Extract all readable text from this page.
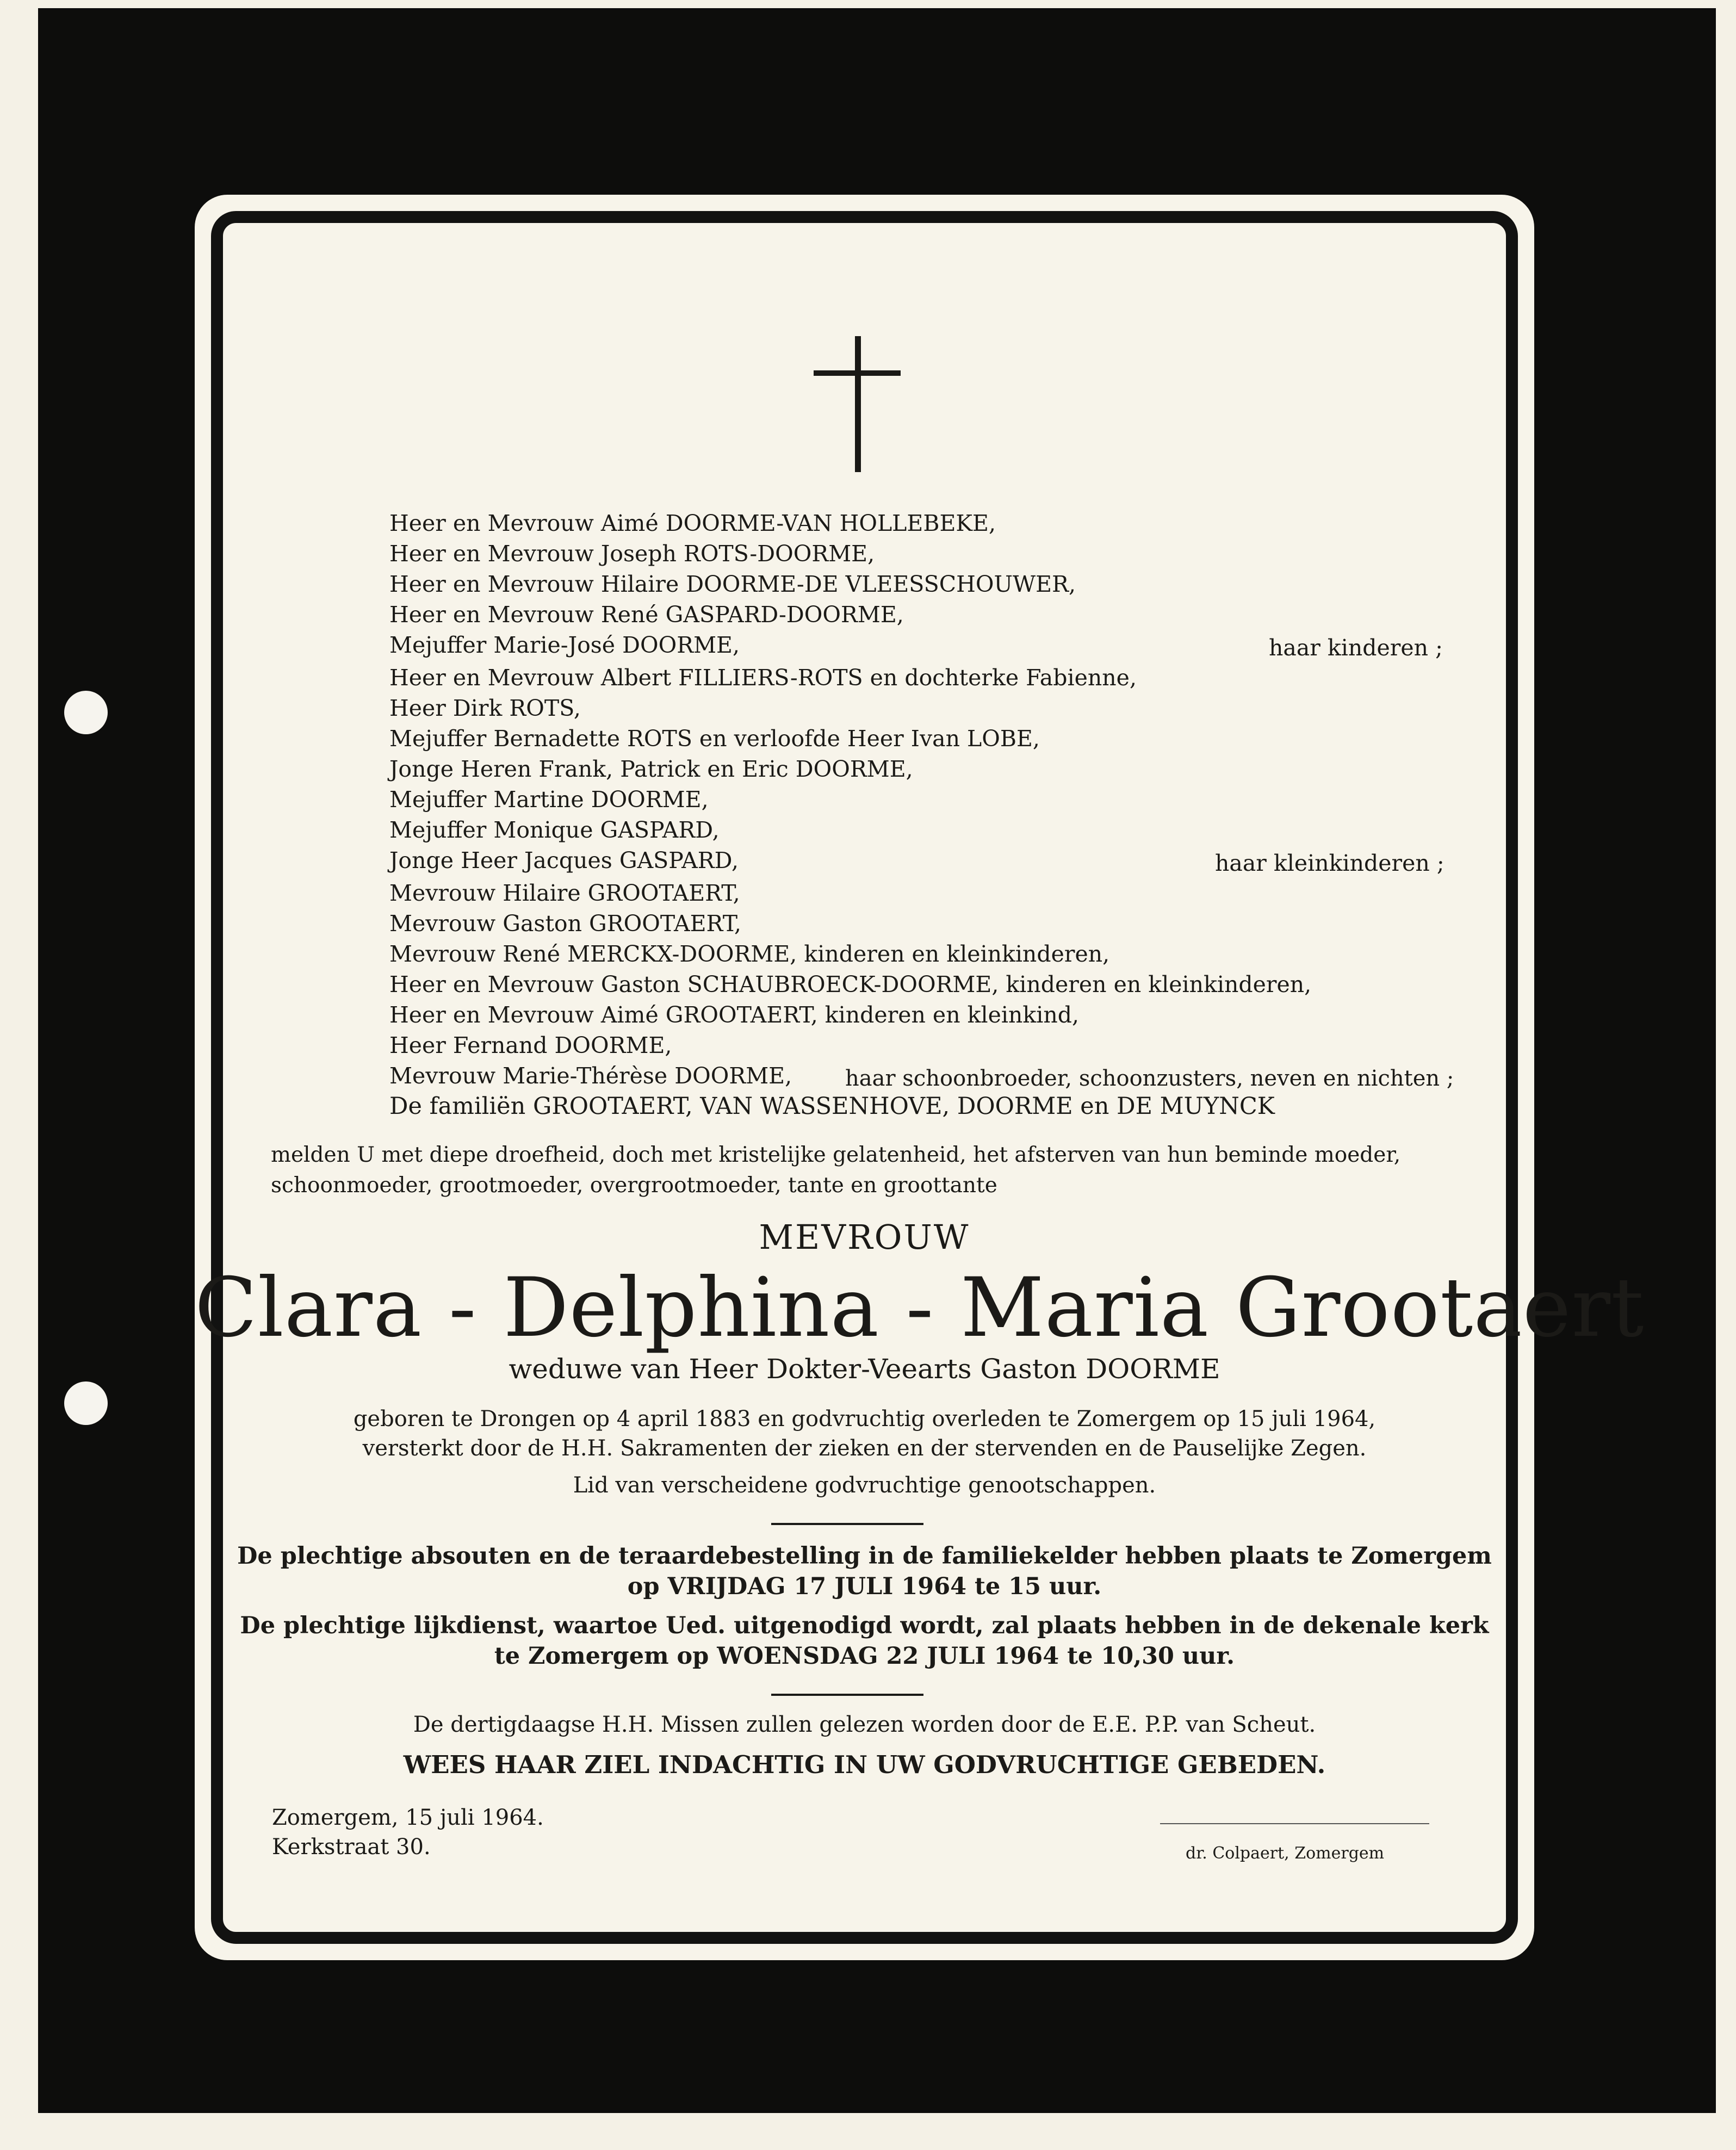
Heer en Mevrouw Aimé DOORME-VAN HOLLEBEKE,
Heer en Mevrouw Joseph ROTS-DOORME,
Heer en Mevrouw Hilaire DOORME-DE VLEESSCHOUWER,
Heer en Mevrouw René GASPARD-DOORME,
Mejuffer Marie-José DOORME,	haar kinderen ;
Heer en Mevrouw Albert FILLIERS-ROTS en dochterke Fabienne,
Heer Dirk ROTS,
Mejuffer Bernadette ROTS en verloofde Heer Ivan LOBE,
Jonge Heren Frank, Patrick en Eric DOORME,
Mejuffer Martine DOORME,
Mejuffer Monique GASPARD,
Jonge Heer Jacques GASPARD,	haar kleinkinderen ;
Mevrouw Hilaire GROOTAERT,
Mevrouw Gaston GROOTAERT,
Mevrouw René MERCKX-DOORME, kinderen en kleinkinderen,
Heer en Mevrouw Gaston SCHAUBROECK-DOORME, kinderen en kleinkinderen,
Heer en Mevrouw Aimé GROOTAERT, kinderen en kleinkind,
Heer Fernand DOORME,
Mevrouw Marie-Thérèse DOORME, haar schoonbroeder, schoonzusters, neven en nichten ;
De familiën GROOTAERT, VAN WASSENHOVE, DOORME en DE MUYNCK
melden U met diepe droefheid, doch met kristelijke gelatenheid, het afsterven van hun beminde moeder,
schoonmoeder, grootmoeder, overgrootmoeder, tante en groottante
MEVROUW
Clara - Delphina - Maria Grootaert
weduwe van Heer Dokter-Veearts Gaston DOORME
geboren te Drongen op 4 april 1883 en godvruchtig overleden te Zomergem op 15 juli 1964,
versterkt door de H.H. Sakramenten der zieken en der stervenden en de Pauselijke Zegen.
Lid van verscheidene godvruchtige genootschappen.
De plechtige absouten en de teraardebestelling in de familiekelder hebben plaats te Zomergem
op VRIJDAG 17 JULI 1964 te 15 uur.
De plechtige lijkdienst, waartoe Ued. uitgenodigd wordt, zal plaats hebben in de dekenale kerk
te Zomergem op WOENSDAG 22 JULI 1964 te 10,30 uur.
De dertigdaagse H.H. Missen zullen gelezen worden door de E.E. P.P. van Scheut.
WEES HAAR ZIEL INDACHTIG IN UW GODVRUCHTIGE GEBEDEN.
Zomergem, 15 juli 1964.
Kerkstraat 30.	dr. Colpaert, Zomergem
